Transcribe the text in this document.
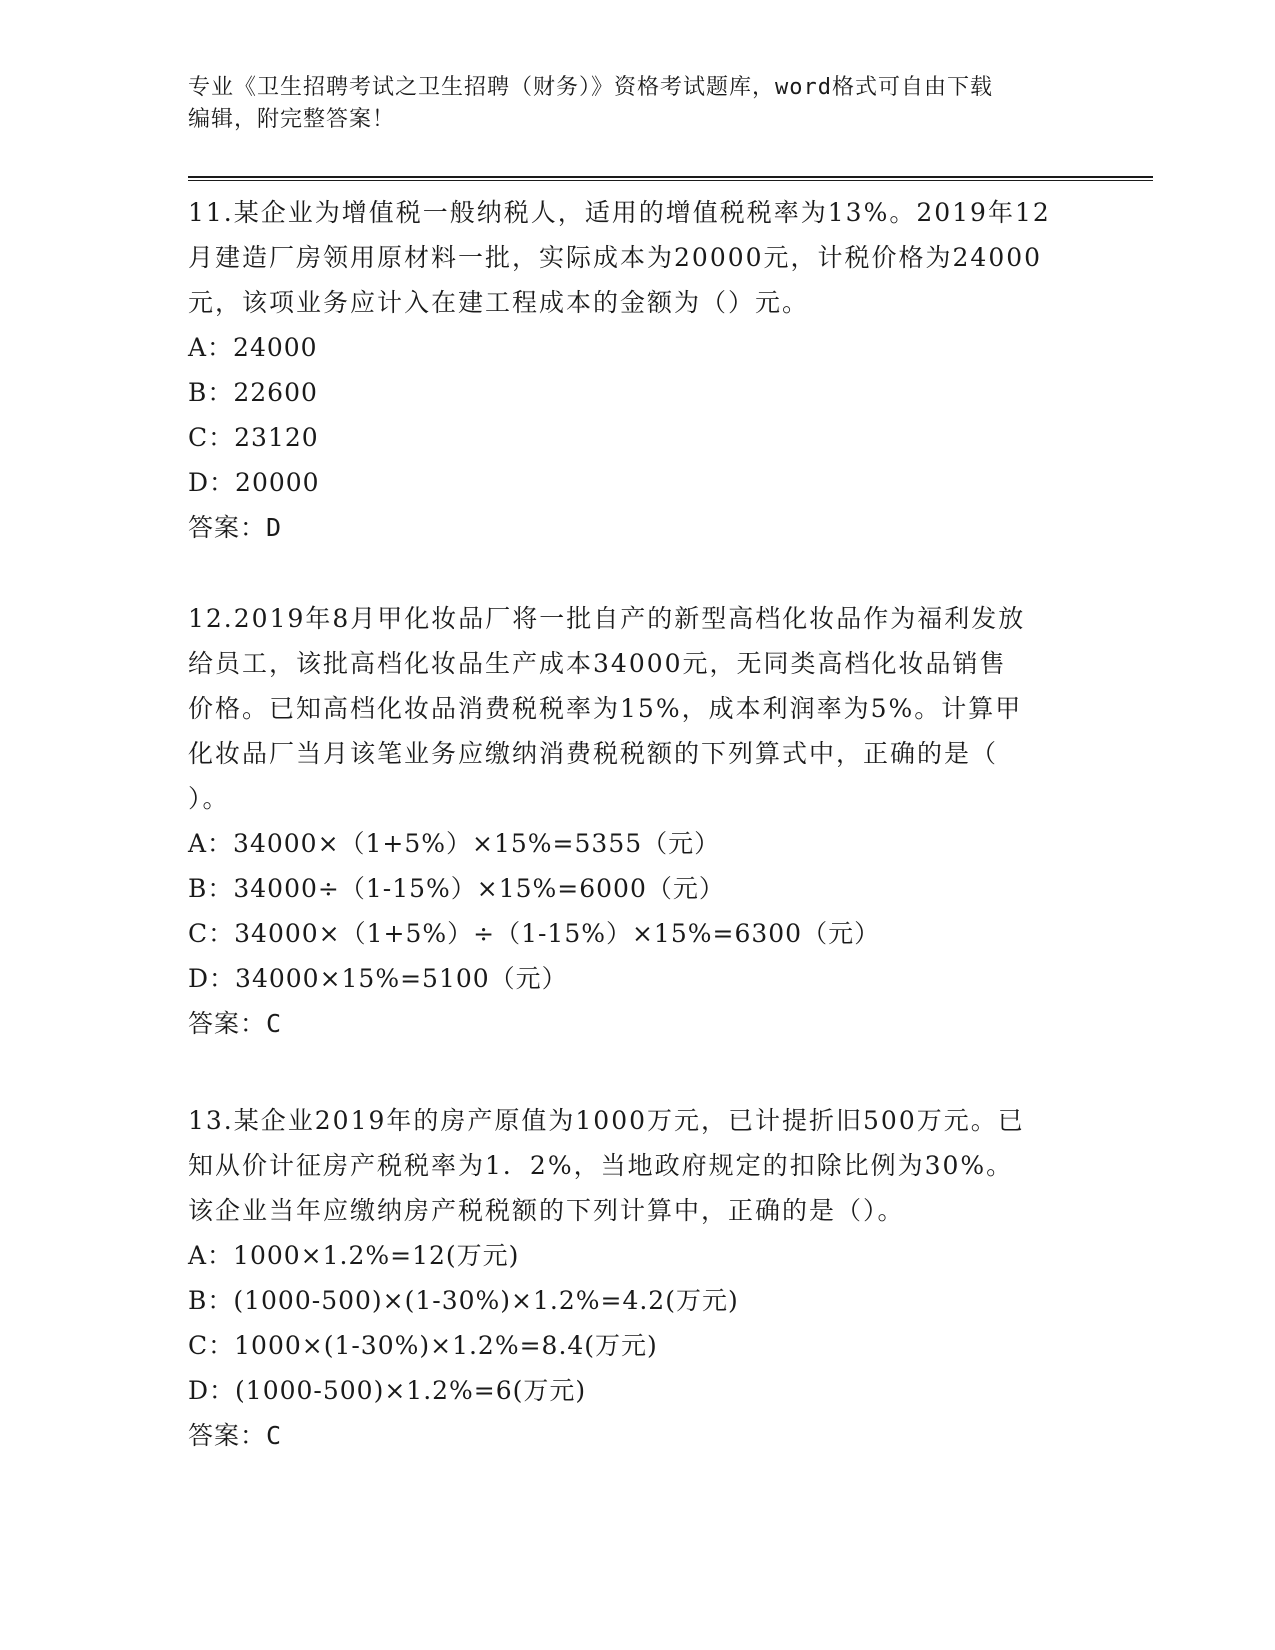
专业《卫生招聘考试之卫生招聘（财务）》资格考试题库，word格式可自由下载
编辑，附完整答案！

11.某企业为增值税一般纳税人，适用的增值税税率为13%。2019年12

月建造厂房领用原材料一批，实际成本为20000元，计税价格为24000

元，该项业务应计入在建工程成本的金额为（）元。

A：24000

B：22600

C：23120

D：20000

答案：D

12.2019年8月甲化妆品厂将一批自产的新型高档化妆品作为福利发放

给员工，该批高档化妆品生产成本34000元，无同类高档化妆品销售

价格。已知高档化妆品消费税税率为15%，成本利润率为5%。计算甲

化妆品厂当月该笔业务应缴纳消费税税额的下列算式中，正确的是（

）。

A：34000×（1+5%）×15%=5355（元）

B：34000÷（1-15%）×15%=6000（元）

C：34000×（1+5%）÷（1-15%）×15%=6300（元）

D：34000×15%=5100（元）

答案：C

13.某企业2019年的房产原值为1000万元，已计提折旧500万元。已

知从价计征房产税税率为1．2%，当地政府规定的扣除比例为30%。

该企业当年应缴纳房产税税额的下列计算中，正确的是（）。

A：1000×1.2%=12(万元)

B：(1000-500)×(1-30%)×1.2%=4.2(万元)

C：1000×(1-30%)×1.2%=8.4(万元)

D：(1000-500)×1.2%=6(万元)

答案：C
